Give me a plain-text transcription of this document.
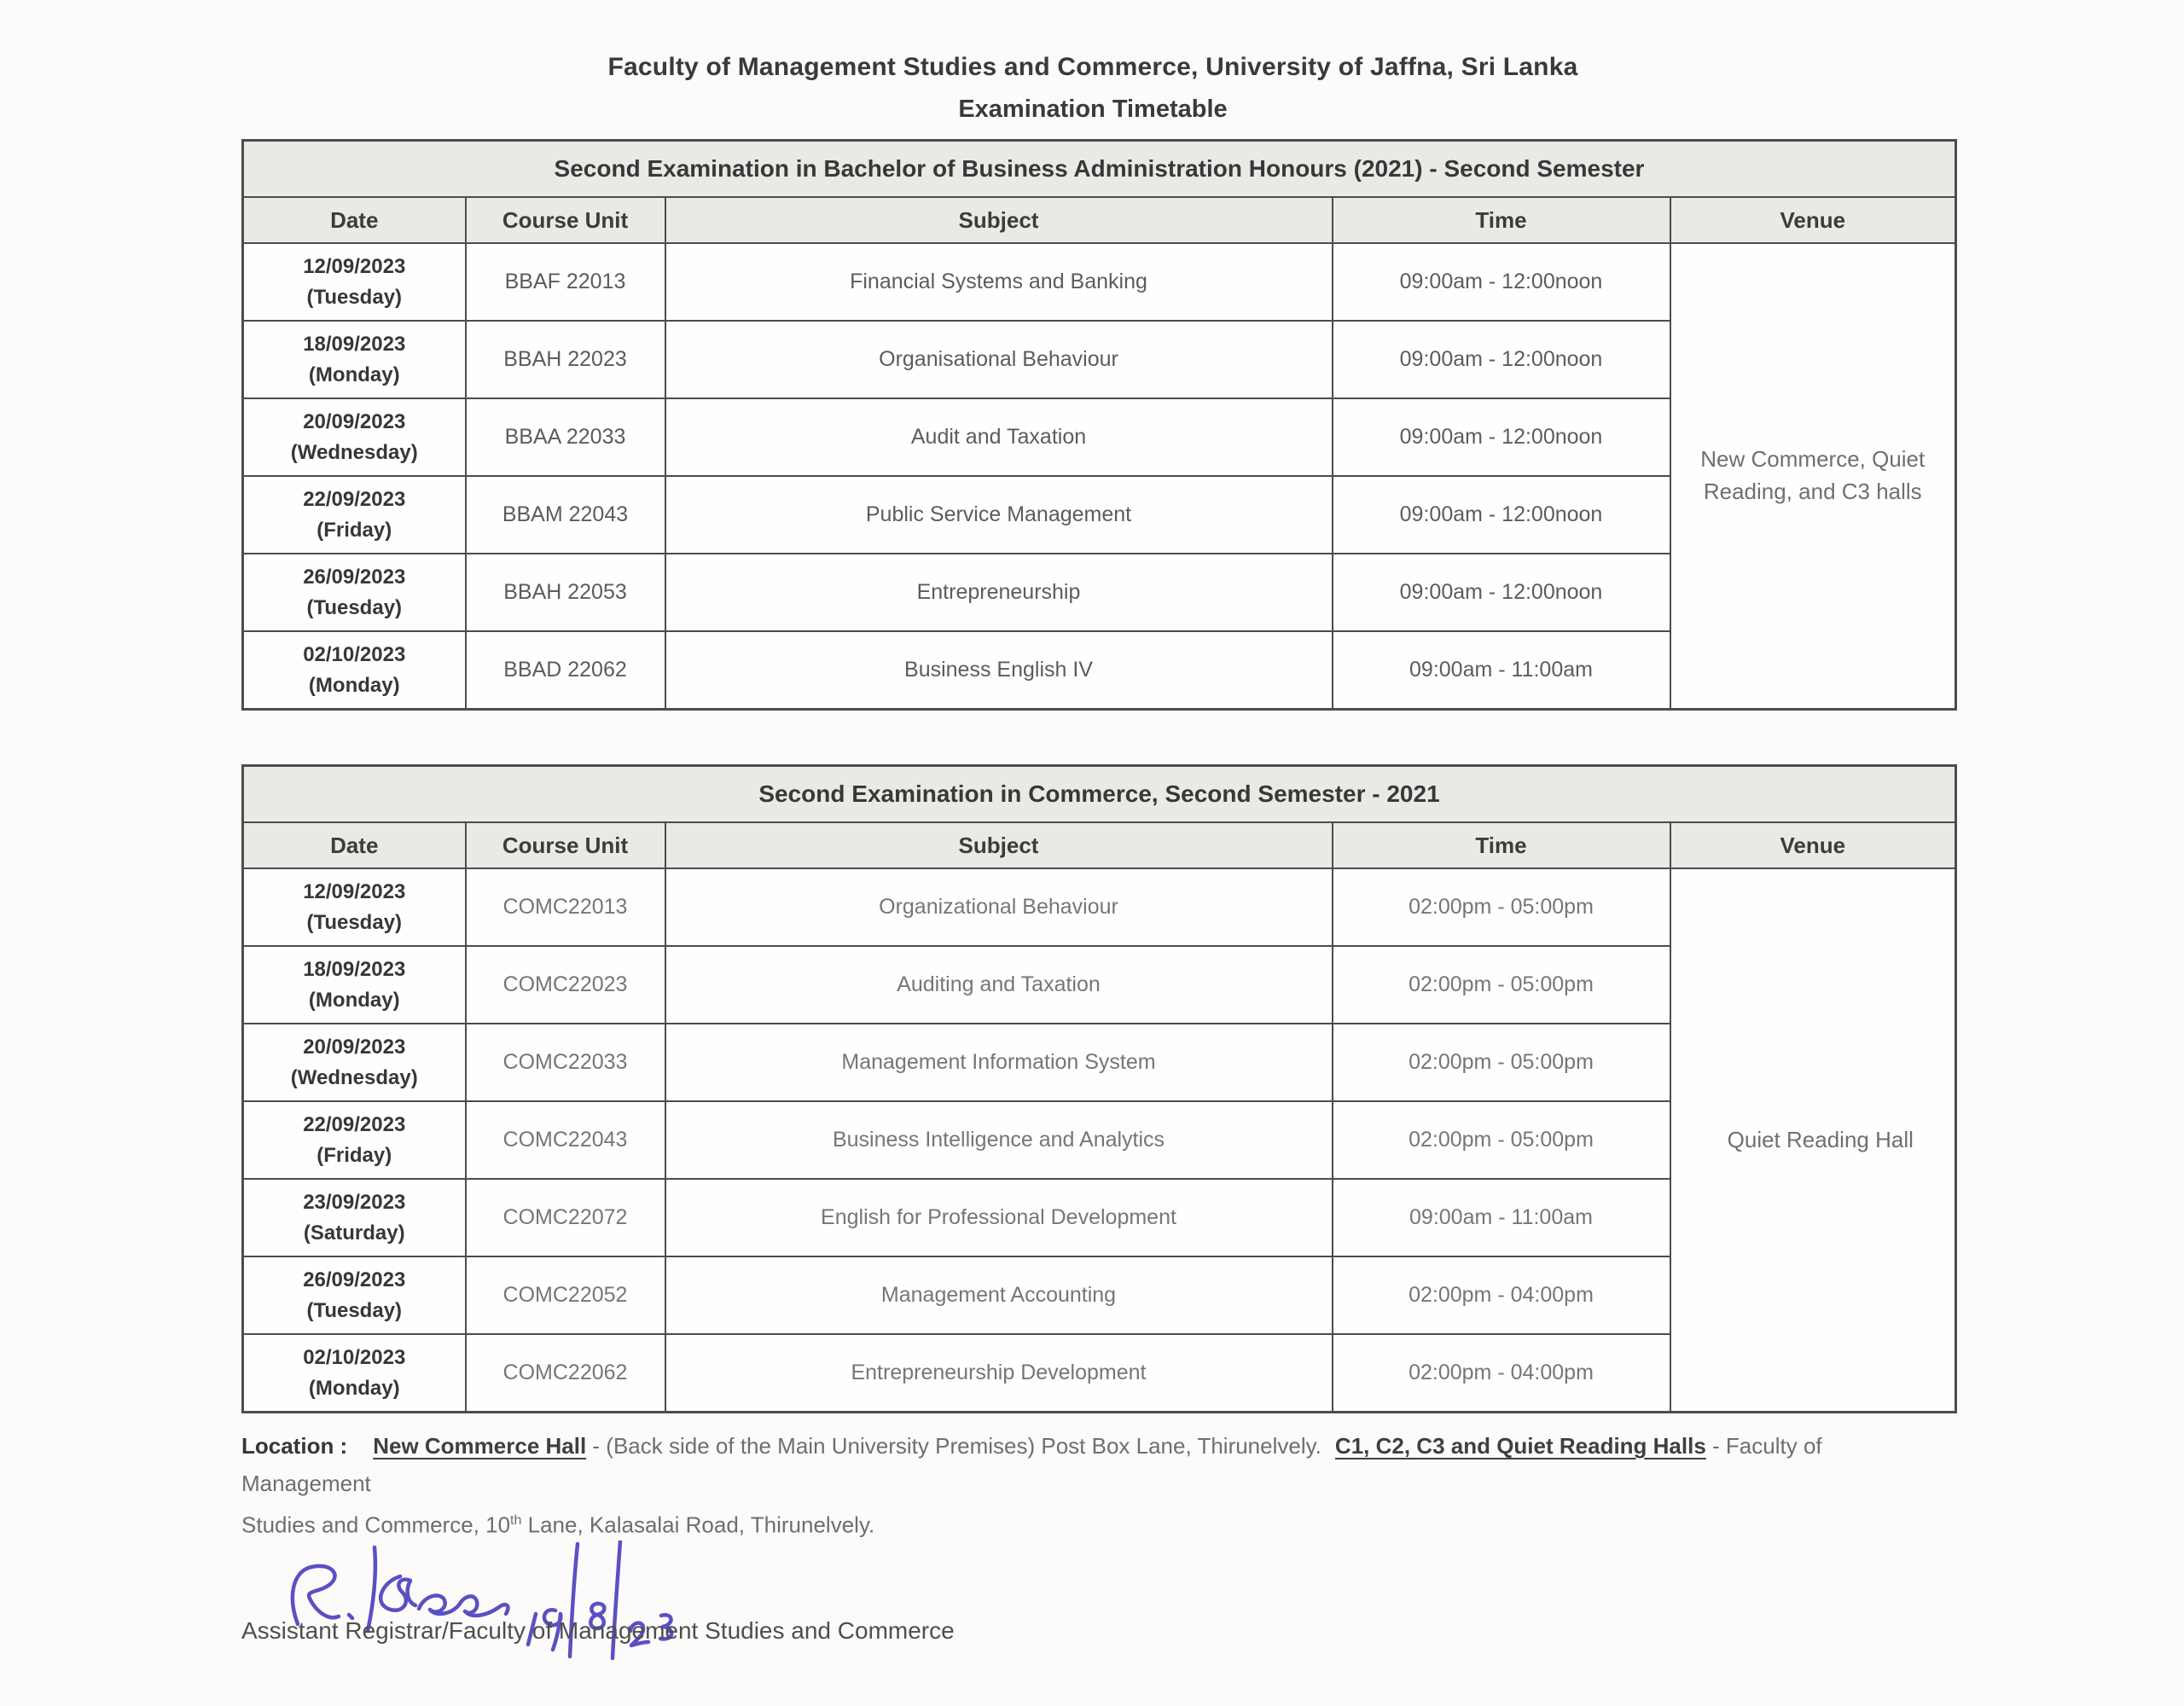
Faculty of Management Studies and Commerce, University of Jaffna, Sri Lanka
Examination Timetable
Second Examination in Bachelor of Business Administration Honours (2021) - Second Semester				
Date	Course Unit	Subject	Time	Venue

12/09/2023
(Tuesday)	BBAF 22013	Financial Systems and Banking	09:00am - 12:00noon	New Commerce, Quiet Reading, and C3 halls

18/09/2023
(Monday)	BBAH 22023	Organisational Behaviour	09:00am - 12:00noon	

20/09/2023
(Wednesday)	BBAA 22033	Audit and Taxation	09:00am - 12:00noon	

22/09/2023
(Friday)	BBAM 22043	Public Service Management	09:00am - 12:00noon	

26/09/2023
(Tuesday)	BBAH 22053	Entrepreneurship	09:00am - 12:00noon	

02/10/2023
(Monday)	BBAD 22062	Business English IV	09:00am - 11:00am	
Second Examination in Commerce, Second Semester - 2021				
Date	Course Unit	Subject	Time	Venue

12/09/2023
(Tuesday)	COMC22013	Organizational Behaviour	02:00pm - 05:00pm	Quiet Reading Hall

18/09/2023
(Monday)	COMC22023	Auditing and Taxation	02:00pm - 05:00pm	

20/09/2023
(Wednesday)	COMC22033	Management Information System	02:00pm - 05:00pm	

22/09/2023
(Friday)	COMC22043	Business Intelligence and Analytics	02:00pm - 05:00pm	

23/09/2023
(Saturday)	COMC22072	English for Professional Development	09:00am - 11:00am	

26/09/2023
(Tuesday)	COMC22052	Management Accounting	02:00pm - 04:00pm	

02/10/2023
(Monday)	COMC22062	Entrepreneurship Development	02:00pm - 04:00pm	

Location : New Commerce Hall - (Back side of the Main University Premises) Post Box Lane, Thirunelvely. C1, C2, C3 and Quiet Reading Halls - Faculty of Management
Studies and Commerce, 10th Lane, Kalasalai Road, Thirunelvely.

Assistant Registrar/Faculty of Management Studies and Commerce
